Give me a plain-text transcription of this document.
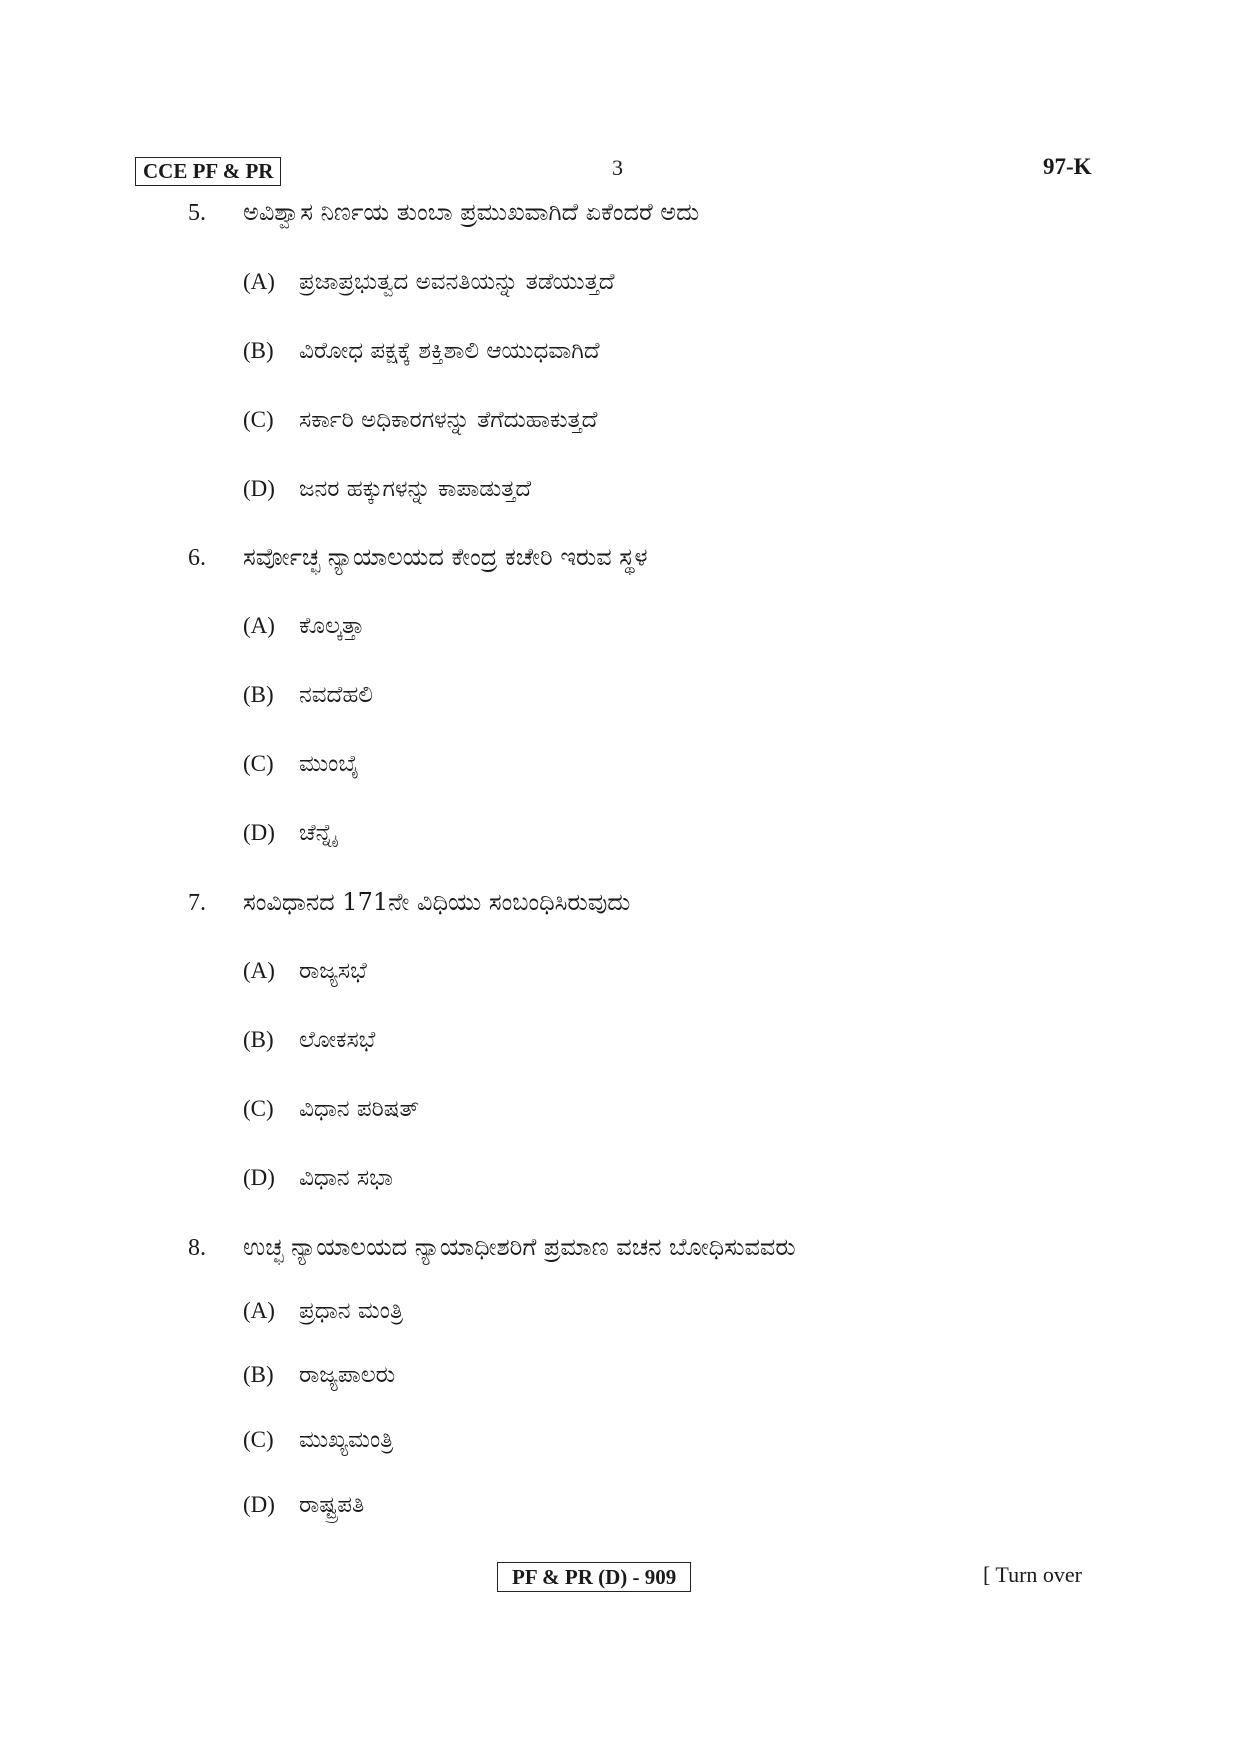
CCE PF & PR	3	97-K
5. ಅವಿಶ್ವಾಸ ನಿರ್ಣಯ ತುಂಬಾ ಪ್ರಮುಖವಾಗಿದೆ ಏಕೆಂದರೆ ಅದು
(A) ಪ್ರಜಾಪ್ರಭುತ್ವದ ಅವನತಿಯನ್ನು ತಡೆಯುತ್ತದೆ
(B) ವಿರೋಧ ಪಕ್ಷಕ್ಕೆ ಶಕ್ತಿಶಾಲಿ ಆಯುಧವಾಗಿದೆ
(C) ಸರ್ಕಾರಿ ಅಧಿಕಾರಗಳನ್ನು ತೆಗೆದುಹಾಕುತ್ತದೆ
(D) ಜನರ ಹಕ್ಕುಗಳನ್ನು ಕಾಪಾಡುತ್ತದೆ
6. ಸರ್ವೋಚ್ಛ ನ್ಯಾಯಾಲಯದ ಕೇಂದ್ರ ಕಚೇರಿ ಇರುವ ಸ್ಥಳ
(A) ಕೊಲ್ಕತ್ತಾ
(B) ನವದೆಹಲಿ
(C) ಮುಂಬೈ
(D) ಚೆನ್ನೈ
7. ಸಂವಿಧಾನದ 171ನೇ ವಿಧಿಯು ಸಂಬಂಧಿಸಿರುವುದು
(A) ರಾಜ್ಯಸಭೆ
(B) ಲೋಕಸಭೆ
(C) ವಿಧಾನ ಪರಿಷತ್
(D) ವಿಧಾನ ಸಭಾ
8. ಉಚ್ಛ ನ್ಯಾಯಾಲಯದ ನ್ಯಾಯಾಧೀಶರಿಗೆ ಪ್ರಮಾಣ ವಚನ ಬೋಧಿಸುವವರು
(A) ಪ್ರಧಾನ ಮಂತ್ರಿ
(B) ರಾಜ್ಯಪಾಲರು
(C) ಮುಖ್ಯಮಂತ್ರಿ
(D) ರಾಷ್ಟ್ರಪತಿ
PF & PR (D) - 909	[ Turn over
